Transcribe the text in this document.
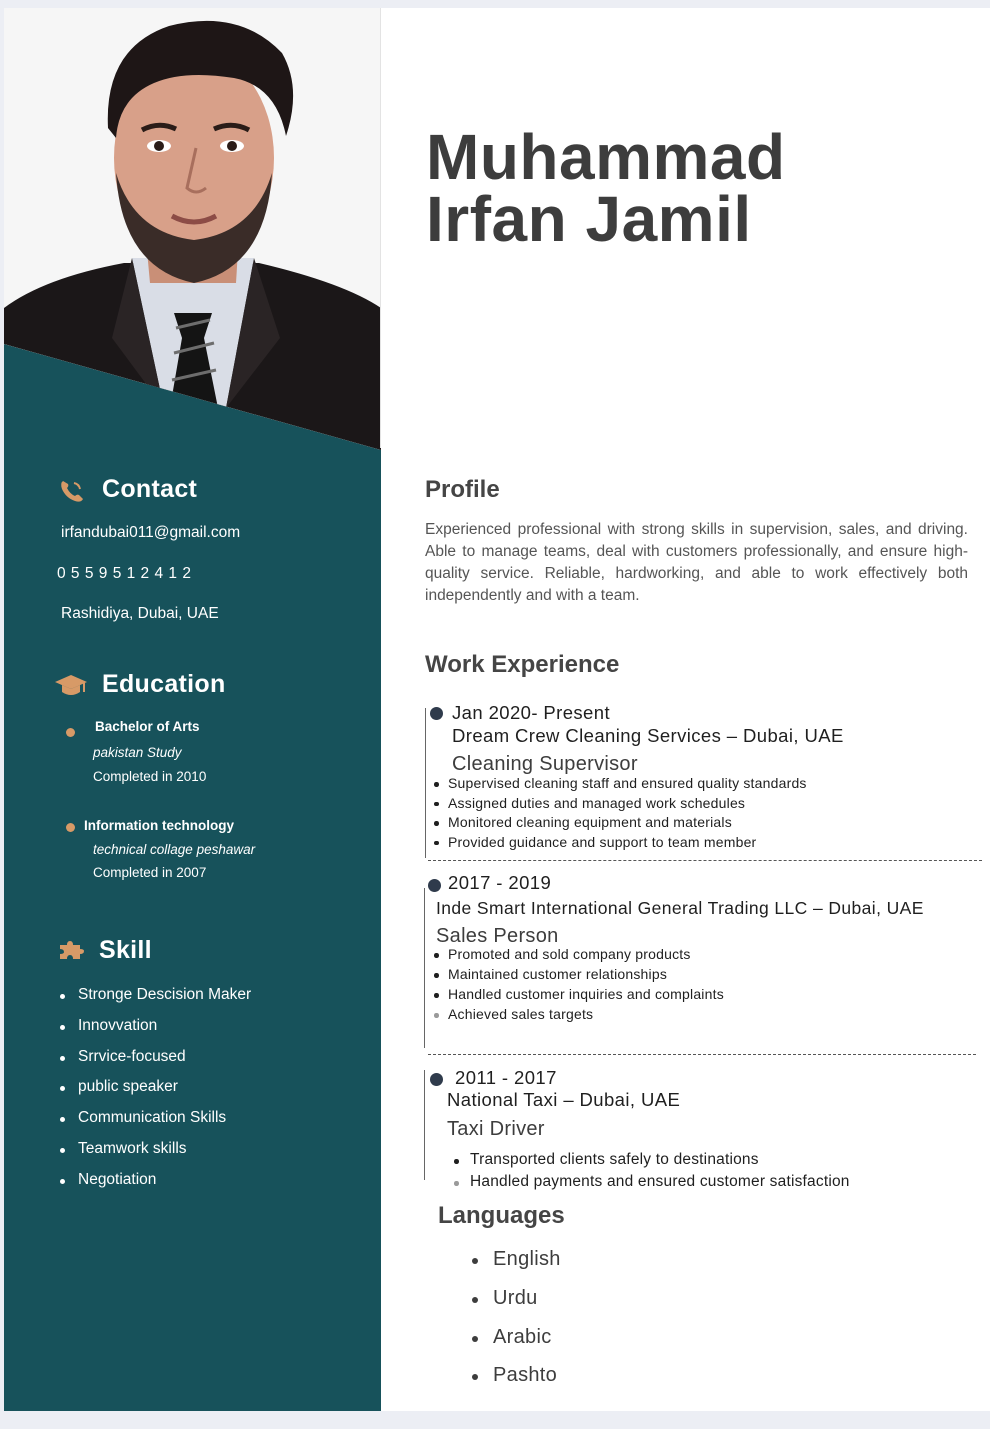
Contact
irfandubai011@gmail.com
0 5 5 9 5 1 2 4 1 2
Rashidiya, Dubai, UAE
Education
Bachelor of Arts
pakistan Study
Completed in 2010
Information technology
technical collage peshawar
Completed in 2007
Skill
Stronge Descision Maker
Innovvation
Srrvice-focused
public speaker
Communication Skills
Teamwork skills
Negotiation
Muhammad
Irfan Jamil
Profile
Experienced professional with strong skills in supervision, sales, and driving. Able to manage teams, deal with customers professionally, and ensure high-quality service. Reliable, hardworking, and able to work effectively both independently and with a team.
Work Experience
Jan 2020- Present
Dream Crew Cleaning Services – Dubai, UAE
Cleaning Supervisor
Supervised cleaning staff and ensured quality standards
Assigned duties and managed work schedules
Monitored cleaning equipment and materials
Provided guidance and support to team member
2017 - 2019
Inde Smart International General Trading LLC – Dubai, UAE
Sales Person
Promoted and sold company products
Maintained customer relationships
Handled customer inquiries and complaints
Achieved sales targets
2011 - 2017
National Taxi – Dubai, UAE
Taxi Driver
Transported clients safely to destinations
Handled payments and ensured customer satisfaction
Languages
English
Urdu
Arabic
Pashto
